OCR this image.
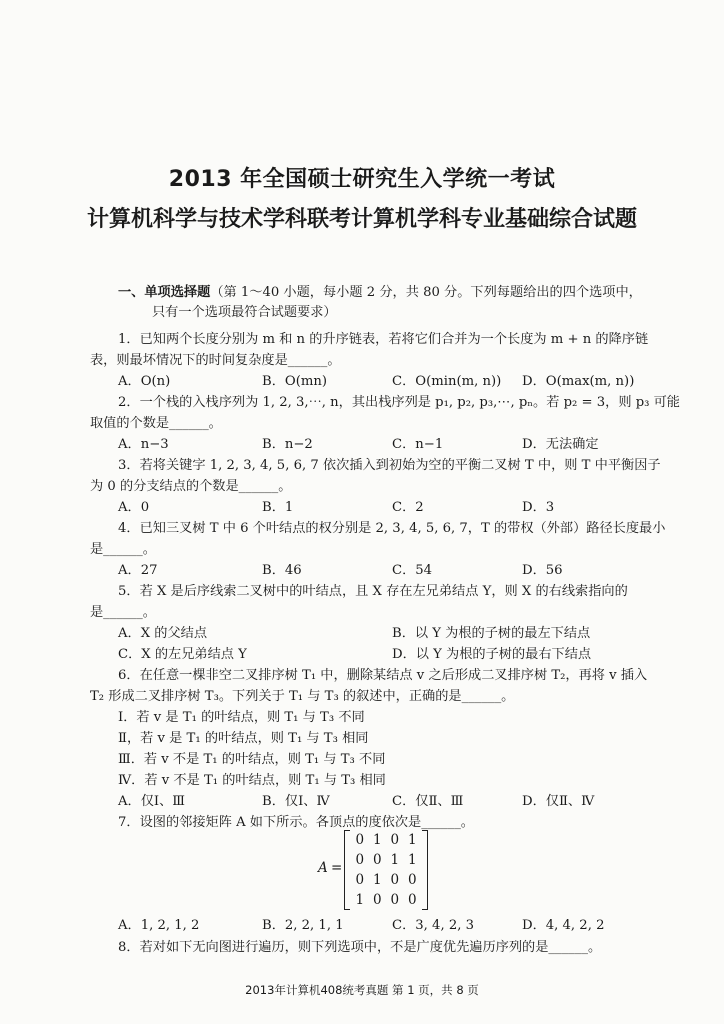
2013 年全国硕士研究生入学统一考试
计算机科学与技术学科联考计算机学科专业基础综合试题
一、单项选择题（第 1～40 小题，每小题 2 分，共 80 分。下列每题给出的四个选项中，
只有一个选项最符合试题要求）
1．已知两个长度分别为 m 和 n 的升序链表，若将它们合并为一个长度为 m + n 的降序链
表，则最坏情况下的时间复杂度是______。
A．O(n)	B．O(mn)	C．O(min(m, n)) D．O(max(m, n))
2．一个栈的入栈序列为 1, 2, 3,⋯, n，其出栈序列是 p₁, p₂, p₃,⋯, pₙ。若 p₂ = 3，则 p₃ 可能
取值的个数是______。
A．n−3	B．n−2	C．n−1	D．无法确定
3．若将关键字 1, 2, 3, 4, 5, 6, 7 依次插入到初始为空的平衡二叉树 T 中，则 T 中平衡因子
为 0 的分支结点的个数是______。
A．0	B．1	C．2	D．3
4．已知三叉树 T 中 6 个叶结点的权分别是 2, 3, 4, 5, 6, 7，T 的带权（外部）路径长度最小
是______。
A．27	B．46	C．54	D．56
5．若 X 是后序线索二叉树中的叶结点，且 X 存在左兄弟结点 Y，则 X 的右线索指向的
是______。
A．X 的父结点	B．以 Y 为根的子树的最左下结点
C．X 的左兄弟结点 Y	D．以 Y 为根的子树的最右下结点
6．在任意一棵非空二叉排序树 T₁ 中，删除某结点 v 之后形成二叉排序树 T₂，再将 v 插入
T₂ 形成二叉排序树 T₃。下列关于 T₁ 与 T₃ 的叙述中，正确的是______。
Ⅰ．若 v 是 T₁ 的叶结点，则 T₁ 与 T₃ 不同
Ⅱ，若 v 是 T₁ 的叶结点，则 T₁ 与 T₃ 相同
Ⅲ．若 v 不是 T₁ 的叶结点，则 T₁ 与 T₃ 不同
Ⅳ．若 v 不是 T₁ 的叶结点，则 T₁ 与 T₃ 相同
A．仅Ⅰ、Ⅲ	B．仅Ⅰ、Ⅳ	C．仅Ⅱ、Ⅲ	D．仅Ⅱ、Ⅳ
7．设图的邻接矩阵 A 如下所示。各顶点的度依次是______。
A =
0 1 0 1
0 0 1 1
0 1 0 0
1 0 0 0
A．1, 2, 1, 2	B．2, 2, 1, 1	C．3, 4, 2, 3	D．4, 4, 2, 2
8．若对如下无向图进行遍历，则下列选项中，不是广度优先遍历序列的是______。
2013年计算机408统考真题 第 1 页，共 8 页
